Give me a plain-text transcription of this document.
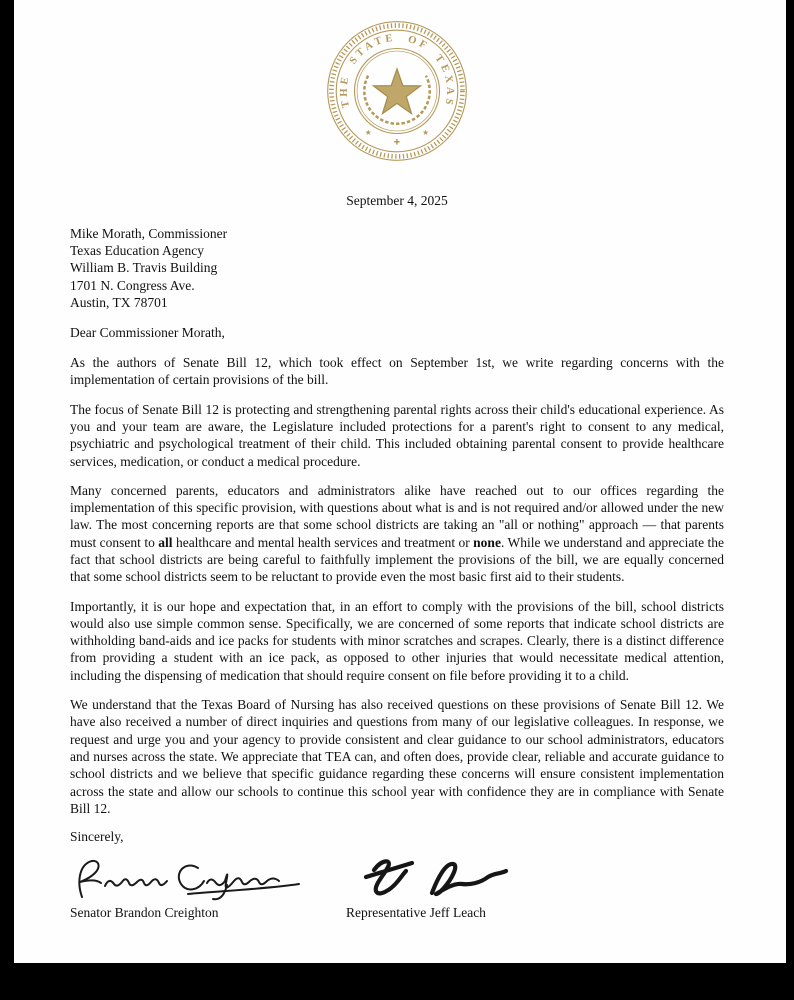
THE STATE OF TEXAS
★	★
✚
September 4, 2025
Mike Morath, Commissioner
Texas Education Agency
William B. Travis Building
1701 N. Congress Ave.
Austin, TX 78701
Dear Commissioner Morath,

As the authors of Senate Bill 12, which took effect on September 1st, we write regarding concerns with the implementation of certain provisions of the bill.

The focus of Senate Bill 12 is protecting and strengthening parental rights across their child's educational experience. As you and your team are aware, the Legislature included protections for a parent's right to consent to any medical, psychiatric and psychological treatment of their child. This included obtaining parental consent to provide healthcare services, medication, or conduct a medical procedure.

Many concerned parents, educators and administrators alike have reached out to our offices regarding the implementation of this specific provision, with questions about what is and is not required and/or allowed under the new law. The most concerning reports are that some school districts are taking an "all or nothing" approach — that parents must consent to all healthcare and mental health services and treatment or none. While we understand and appreciate the fact that school districts are being careful to faithfully implement the provisions of the bill, we are equally concerned that some school districts seem to be reluctant to provide even the most basic first aid to their students.

Importantly, it is our hope and expectation that, in an effort to comply with the provisions of the bill, school districts would also use simple common sense. Specifically, we are concerned of some reports that indicate school districts are withholding band-aids and ice packs for students with minor scratches and scrapes. Clearly, there is a distinct difference from providing a student with an ice pack, as opposed to other injuries that would necessitate medical attention, including the dispensing of medication that should require consent on file before providing it to a child.

We understand that the Texas Board of Nursing has also received questions on these provisions of Senate Bill 12. We have also received a number of direct inquiries and questions from many of our legislative colleagues. In response, we request and urge you and your agency to provide consistent and clear guidance to our school administrators, educators and nurses across the state. We appreciate that TEA can, and often does, provide clear, reliable and accurate guidance to school districts and we believe that specific guidance regarding these concerns will ensure consistent implementation across the state and allow our schools to continue this school year with confidence they are in compliance with Senate Bill 12.

Sincerely,
Senator Brandon Creighton	Representative Jeff Leach
